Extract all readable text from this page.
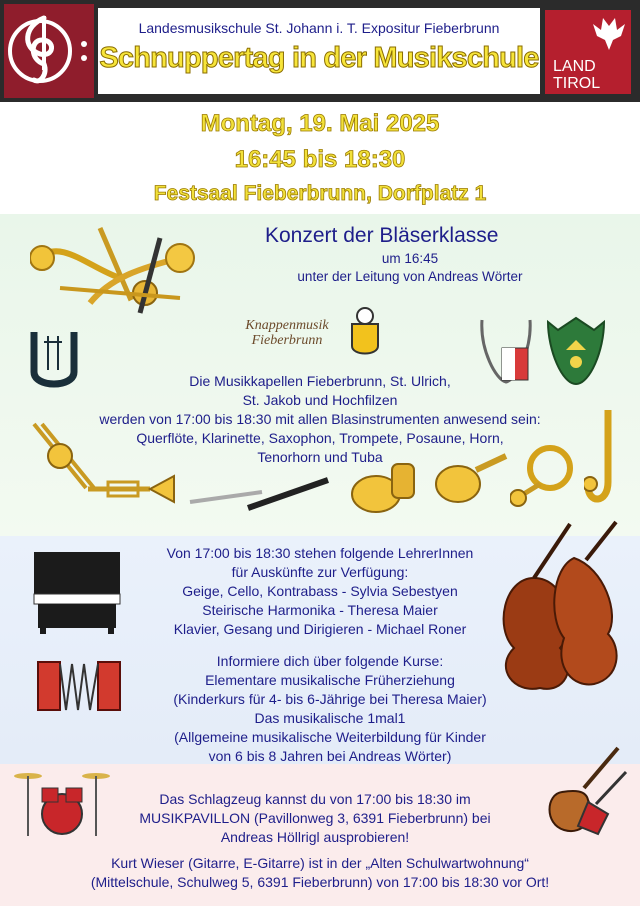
Landesmusikschule St. Johann i. T. Expositur Fieberbrunn
Schnuppertag in der Musikschule LAND
TIROL
Montag, 19. Mai 2025
16:45 bis 18:30
Festsaal Fieberbrunn, Dorfplatz 1
Konzert der Bläserklasse
um 16:45
unter der Leitung von Andreas Wörter
Knappenmusik
Fieberbrunn
Die Musikkapellen Fieberbrunn, St. Ulrich,
St. Jakob und Hochfilzen
werden von 17:00 bis 18:30 mit allen Blasinstrumenten anwesend sein:
Querflöte, Klarinette, Saxophon, Trompete, Posaune, Horn,
Tenorhorn und Tuba
Von 17:00 bis 18:30 stehen folgende LehrerInnen
für Auskünfte zur Verfügung:
Geige, Cello, Kontrabass - Sylvia Sebestyen
Steirische Harmonika - Theresa Maier
Klavier, Gesang und Dirigieren - Michael Roner
Informiere dich über folgende Kurse:
Elementare musikalische Früherziehung
(Kinderkurs für 4- bis 6-Jährige bei Theresa Maier)
Das musikalische 1mal1
(Allgemeine musikalische Weiterbildung für Kinder
von 6 bis 8 Jahren bei Andreas Wörter)
Das Schlagzeug kannst du von 17:00 bis 18:30 im
MUSIKPAVILLON (Pavillonweg 3, 6391 Fieberbrunn) bei
Andreas Höllrigl ausprobieren!
Kurt Wieser (Gitarre, E-Gitarre) ist in der „Alten Schulwartwohnung“
(Mittelschule, Schulweg 5, 6391 Fieberbrunn) von 17:00 bis 18:30 vor Ort!
